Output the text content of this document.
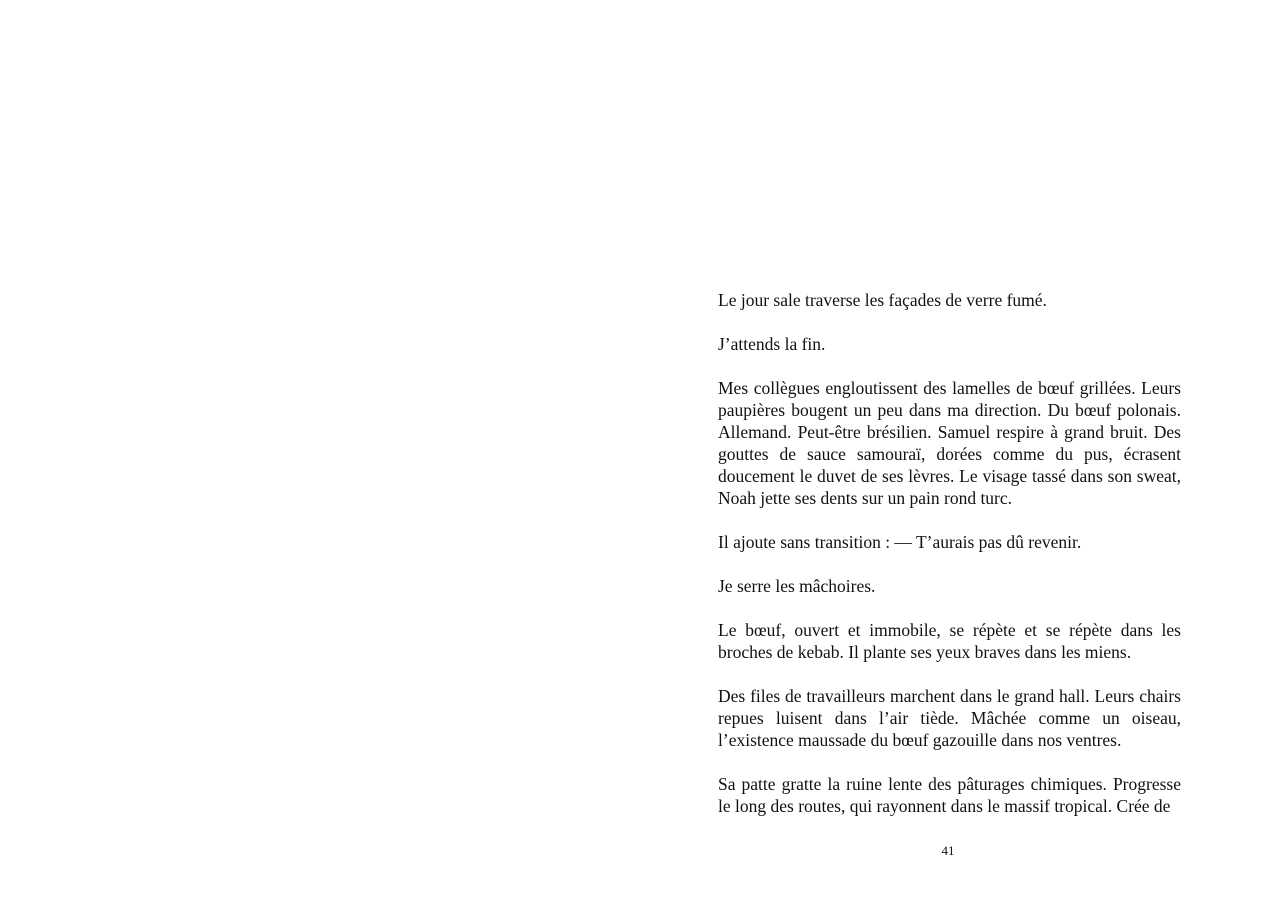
Le jour sale traverse les façades de verre fumé.

J’attends la fin.

Mes collègues engloutissent des lamelles de bœuf grillées. Leurs paupières bougent un peu dans ma direction. Du bœuf polonais. Allemand. Peut-être brésilien. Samuel respire à grand bruit. Des gouttes de sauce samouraï, dorées comme du pus, écrasent doucement le duvet de ses lèvres. Le visage tassé dans son sweat, Noah jette ses dents sur un pain rond turc.

Il ajoute sans transition : — T’aurais pas dû revenir.

Je serre les mâchoires.

Le bœuf, ouvert et immobile, se répète et se répète dans les broches de kebab. Il plante ses yeux braves dans les miens.

Des files de travailleurs marchent dans le grand hall. Leurs chairs repues luisent dans l’air tiède. Mâchée comme un oiseau, l’existence maussade du bœuf gazouille dans nos ventres.

Sa patte gratte la ruine lente des pâturages chimiques. Progresse le long des routes, qui rayonnent dans le massif tropical. Crée de

41
